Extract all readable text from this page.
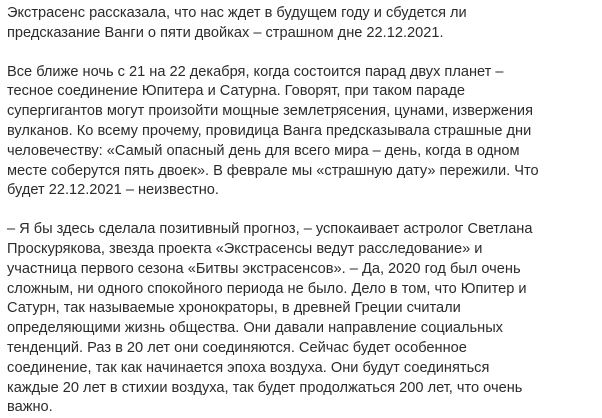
Экстрасенс рассказала, что нас ждет в будущем году и сбудется ли
предсказание Ванги о пяти двойках – страшном дне 22.12.2021.

Все ближе ночь с 21 на 22 декабря, когда состоится парад двух планет –
тесное соединение Юпитера и Сатурна. Говорят, при таком параде
супергигантов могут произойти мощные землетрясения, цунами, извержения
вулканов. Ко всему прочему, провидица Ванга предсказывала страшные дни
человечеству: «Самый опасный день для всего мира – день, когда в одном
месте соберутся пять двоек». В феврале мы «страшную дату» пережили. Что
будет 22.12.2021 – неизвестно.

– Я бы здесь сделала позитивный прогноз, – успокаивает астролог Светлана
Проскурякова, звезда проекта «Экстрасенсы ведут расследование» и
участница первого сезона «Битвы экстрасенсов». – Да, 2020 год был очень
сложным, ни одного спокойного периода не было. Дело в том, что Юпитер и
Сатурн, так называемые хронократоры, в древней Греции считали
определяющими жизнь общества. Они давали направление социальных
тенденций. Раз в 20 лет они соединяются. Сейчас будет особенное
соединение, так как начинается эпоха воздуха. Они будут соединяться
каждые 20 лет в стихии воздуха, так будет продолжаться 200 лет, что очень
важно.
